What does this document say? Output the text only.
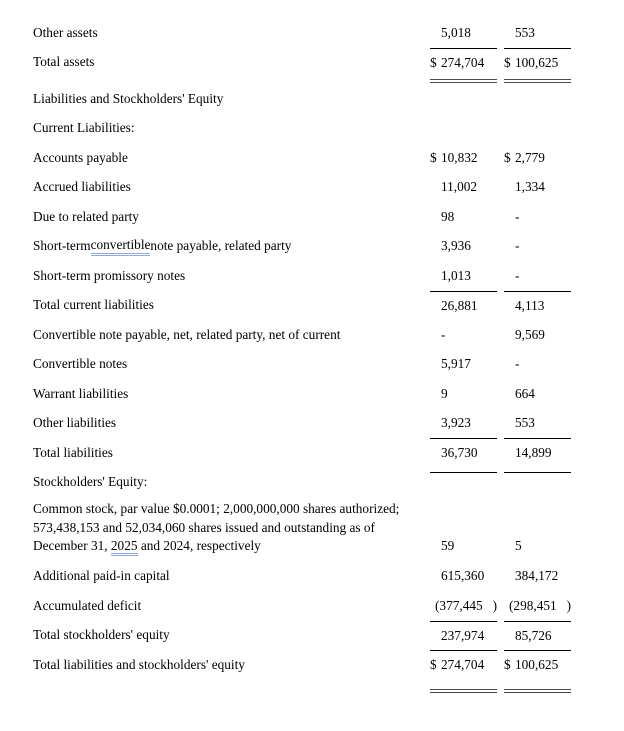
Other assets	5,018	553
Total assets	$ 274,704	$ 100,625
Liabilities and Stockholders' Equity
Current Liabilities:
Accounts payable	$ 10,832	$ 2,779
Accrued liabilities	11,002	1,334
Due to related party	98	-
Short-term convertible note payable, related party	3,936	-
Short-term promissory notes	1,013	-
Total current liabilities	26,881	4,113
Convertible note payable, net, related party, net of current	-	9,569
Convertible notes	5,917	-
Warrant liabilities	9	664
Other liabilities	3,923	553
Total liabilities	36,730	14,899
Stockholders' Equity:
Common stock, par value $0.0001; 2,000,000,000 shares authorized;
573,438,153 and 52,034,060 shares issued and outstanding as of
December 31, 2025 and 2024, respectively	59	5
Additional paid-in capital	615,360	384,172
Accumulated deficit	(377,445 ) (298,451 )
Total stockholders' equity	237,974	85,726
Total liabilities and stockholders' equity	$ 274,704	$ 100,625
